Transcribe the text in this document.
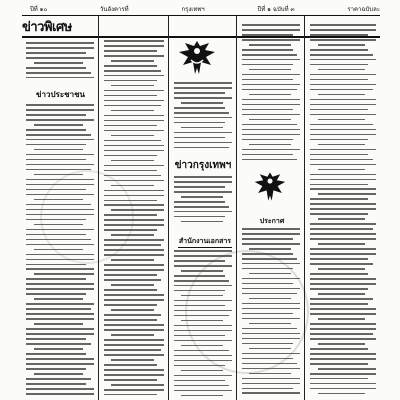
ปีที่ ๑๐	วันอังคารที่	กรุงเทพฯ	ปีที่ ๑ ฉบับที่ ๓	ราคาฉบับละ
ข่าวพิเศษ
ข่าวประชาชน
ข่าวกรุงเทพฯ
สำนักงานเอกสาร
ประกาศ
